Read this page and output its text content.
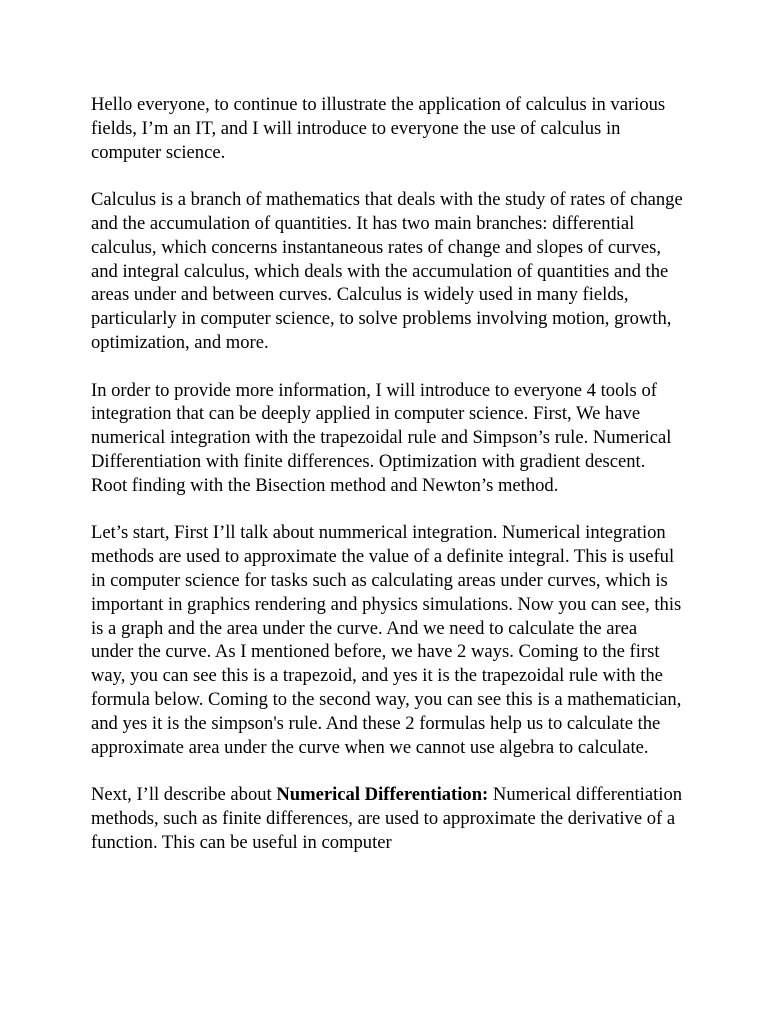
Hello everyone, to continue to illustrate the application of calculus in various fields, I’m an IT, and I will introduce to everyone the use of calculus in computer science.

Calculus is a branch of mathematics that deals with the study of rates of change and the accumulation of quantities. It has two main branches: differential calculus, which concerns instantaneous rates of change and slopes of curves, and integral calculus, which deals with the accumulation of quantities and the areas under and between curves. Calculus is widely used in many fields, particularly in computer science, to solve problems involving motion, growth, optimization, and more.

In order to provide more information, I will introduce to everyone 4 tools of integration that can be deeply applied in computer science. First, We have numerical integration with the trapezoidal rule and Simpson’s rule. Numerical Differentiation with finite differences. Optimization with gradient descent. Root finding with the Bisection method and Newton’s method.

Let’s start, First I’ll talk about nummerical integration. Numerical integration methods are used to approximate the value of a definite integral. This is useful in computer science for tasks such as calculating areas under curves, which is important in graphics rendering and physics simulations. Now you can see, this is a graph and the area under the curve. And we need to calculate the area under the curve. As I mentioned before, we have 2 ways. Coming to the first way, you can see this is a trapezoid, and yes it is the trapezoidal rule with the formula below. Coming to the second way, you can see this is a mathematician, and yes it is the simpson's rule. And these 2 formulas help us to calculate the approximate area under the curve when we cannot use algebra to calculate.

Next, I’ll describe about Numerical Differentiation: Numerical differentiation methods, such as finite differences, are used to approximate the derivative of a function. This can be useful in computer
